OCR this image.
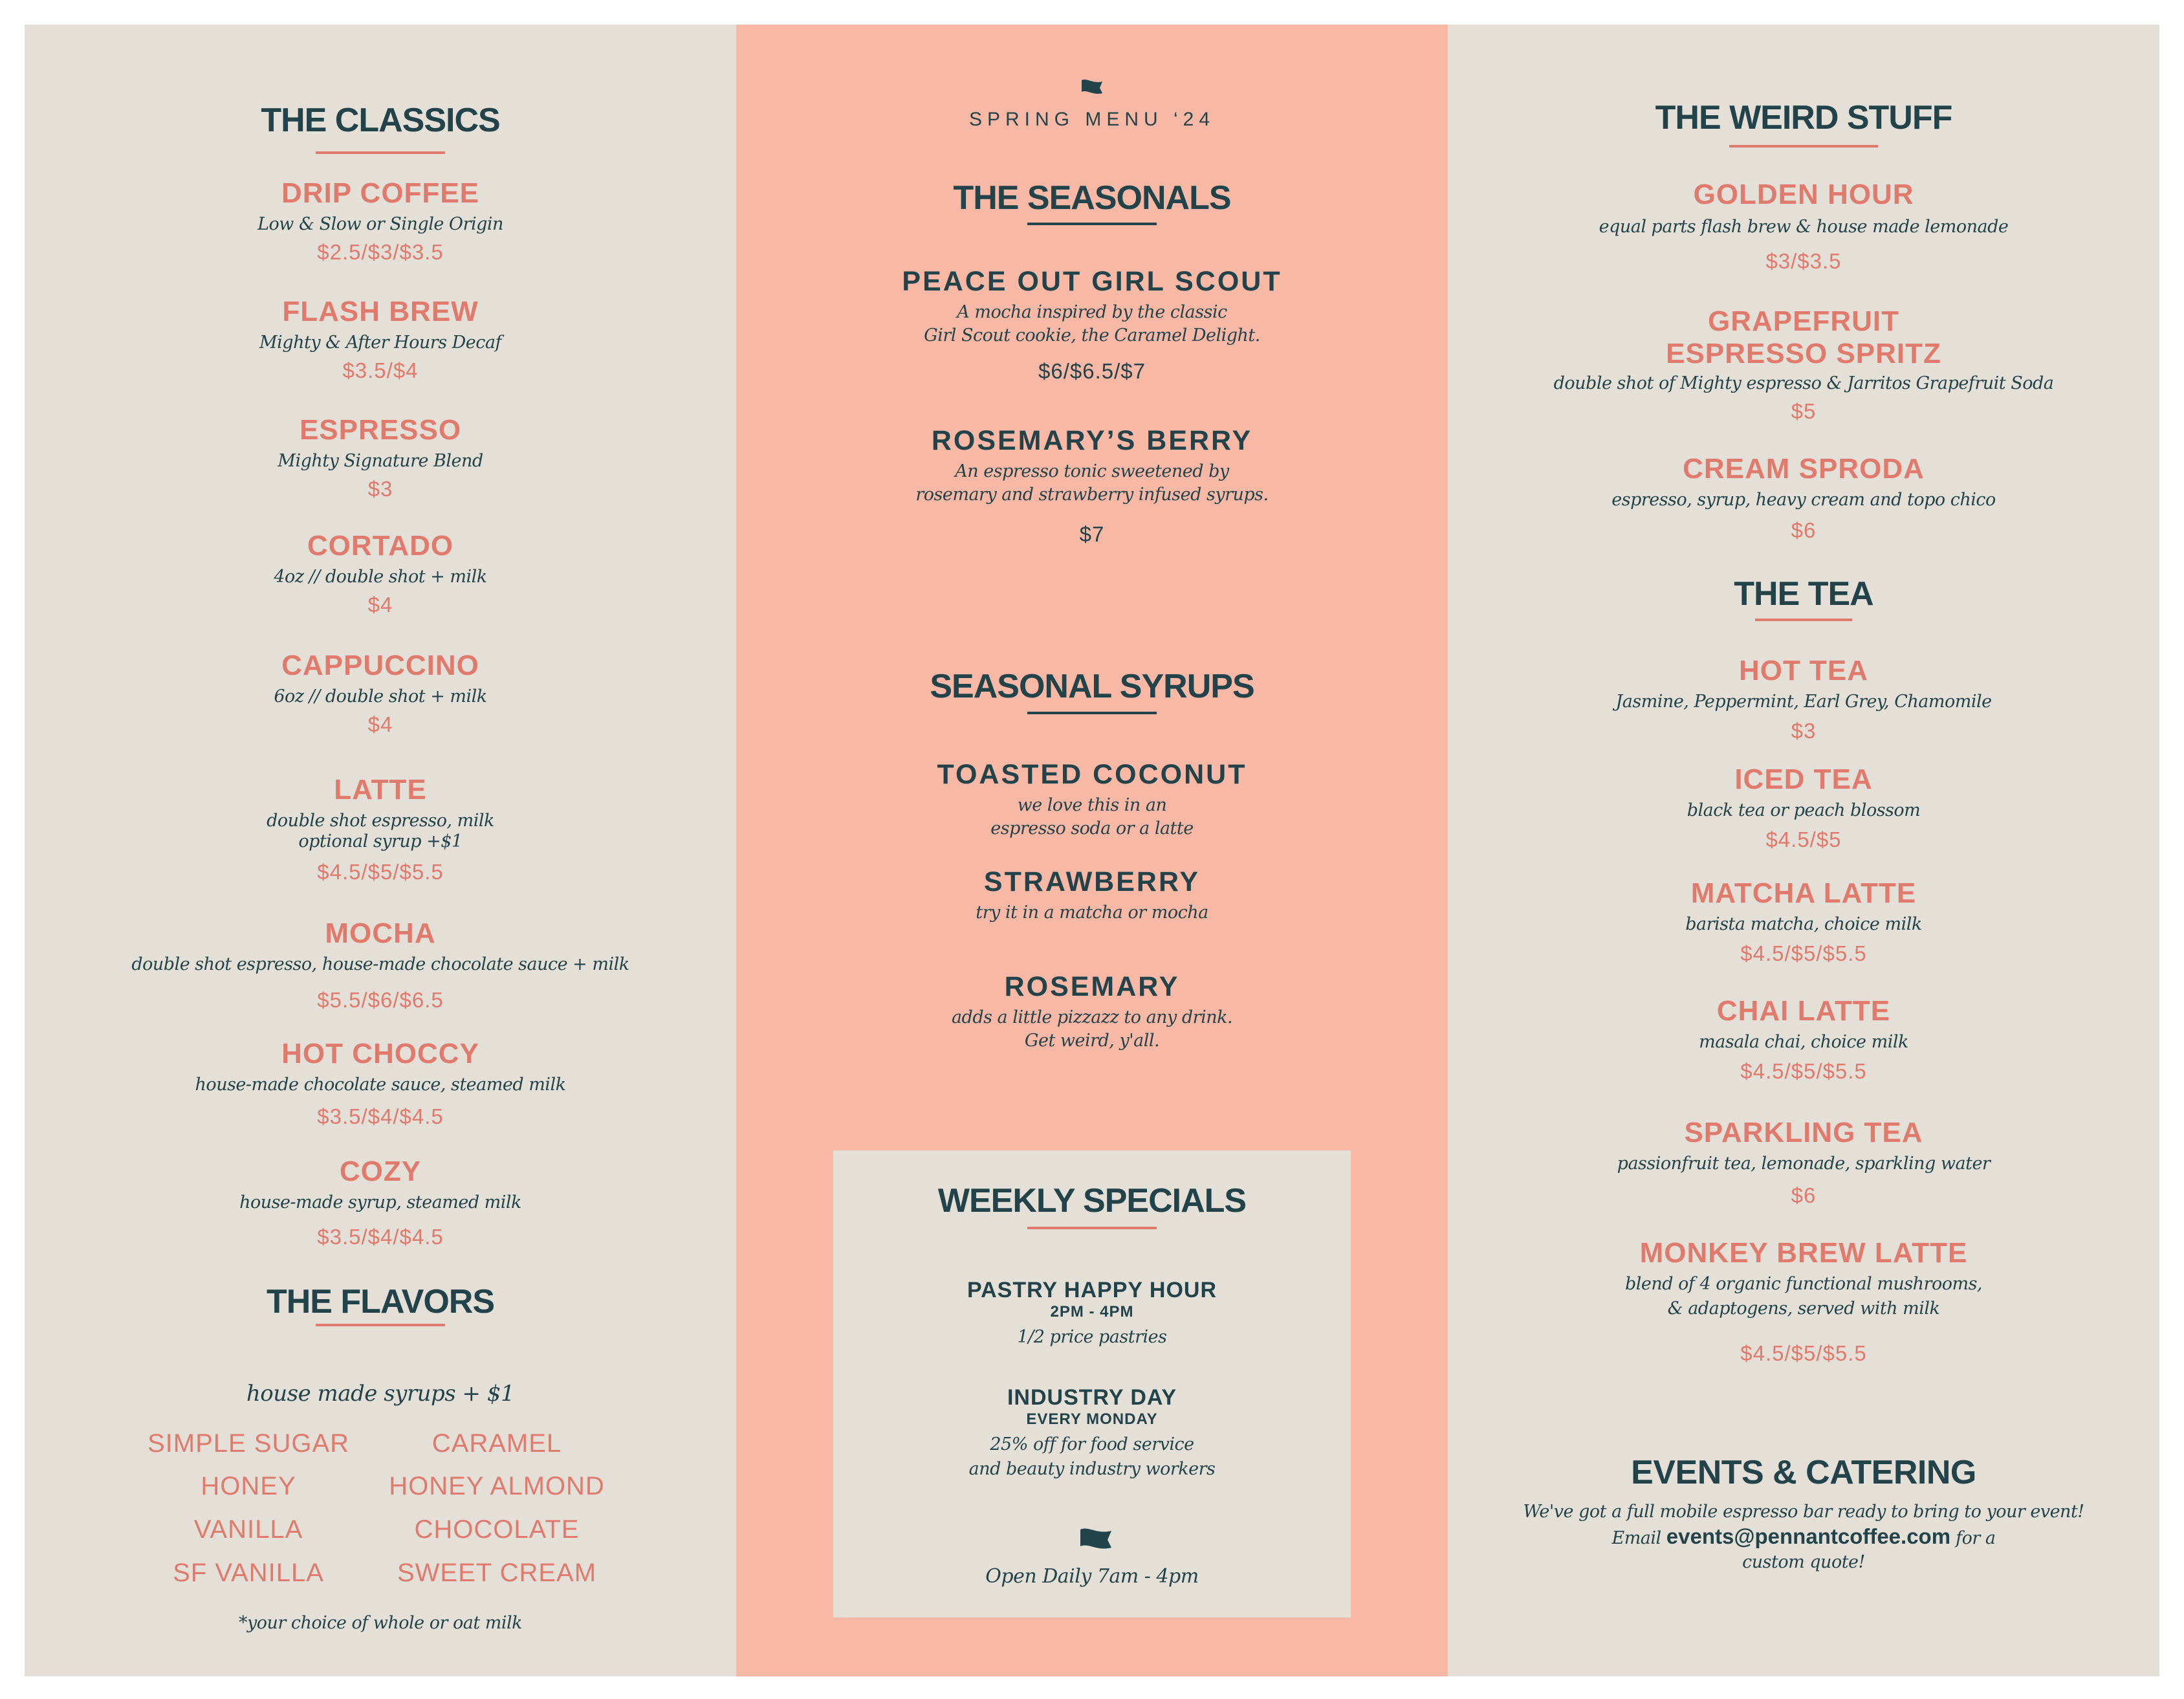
THE CLASSICS
DRIP COFFEE
Low & Slow or Single Origin
$2.5/$3/$3.5
FLASH BREW
Mighty & After Hours Decaf
$3.5/$4
ESPRESSO
Mighty Signature Blend
$3
CORTADO
4oz // double shot + milk
$4
CAPPUCCINO
6oz // double shot + milk
$4
LATTE
double shot espresso, milk
optional syrup +$1
$4.5/$5/$5.5
MOCHA
double shot espresso, house-made chocolate sauce + milk
$5.5/$6/$6.5
HOT CHOCCY
house-made chocolate sauce, steamed milk
$3.5/$4/$4.5
COZY
house-made syrup, steamed milk
$3.5/$4/$4.5
THE FLAVORS
house made syrups + $1
SIMPLE SUGAR	CARAMEL
HONEY	HONEY ALMOND
VANILLA	CHOCOLATE
SF VANILLA	SWEET CREAM
*your choice of whole or oat milk
SPRING MENU ‘24
THE SEASONALS
PEACE OUT GIRL SCOUT
A mocha inspired by the classic
Girl Scout cookie, the Caramel Delight.
$6/$6.5/$7
ROSEMARY’S BERRY
An espresso tonic sweetened by
rosemary and strawberry infused syrups.
$7
SEASONAL SYRUPS
TOASTED COCONUT
we love this in an
espresso soda or a latte
STRAWBERRY
try it in a matcha or mocha
ROSEMARY
adds a little pizzazz to any drink.
Get weird, y'all.
WEEKLY SPECIALS
PASTRY HAPPY HOUR
2PM - 4PM
1/2 price pastries
INDUSTRY DAY
EVERY MONDAY
25% off for food service
and beauty industry workers
Open Daily 7am - 4pm
THE WEIRD STUFF
GOLDEN HOUR
equal parts flash brew & house made lemonade
$3/$3.5
GRAPEFRUIT
ESPRESSO SPRITZ
double shot of Mighty espresso & Jarritos Grapefruit Soda
$5
CREAM SPRODA
espresso, syrup, heavy cream and topo chico
$6
THE TEA
HOT TEA
Jasmine, Peppermint, Earl Grey, Chamomile
$3
ICED TEA
black tea or peach blossom
$4.5/$5
MATCHA LATTE
barista matcha, choice milk
$4.5/$5/$5.5
CHAI LATTE
masala chai, choice milk
$4.5/$5/$5.5
SPARKLING TEA
passionfruit tea, lemonade, sparkling water
$6
MONKEY BREW LATTE
blend of 4 organic functional mushrooms,
& adaptogens, served with milk
$4.5/$5/$5.5
EVENTS & CATERING
We've got a full mobile espresso bar ready to bring to your event!
Email events@pennantcoffee.com for a
custom quote!
